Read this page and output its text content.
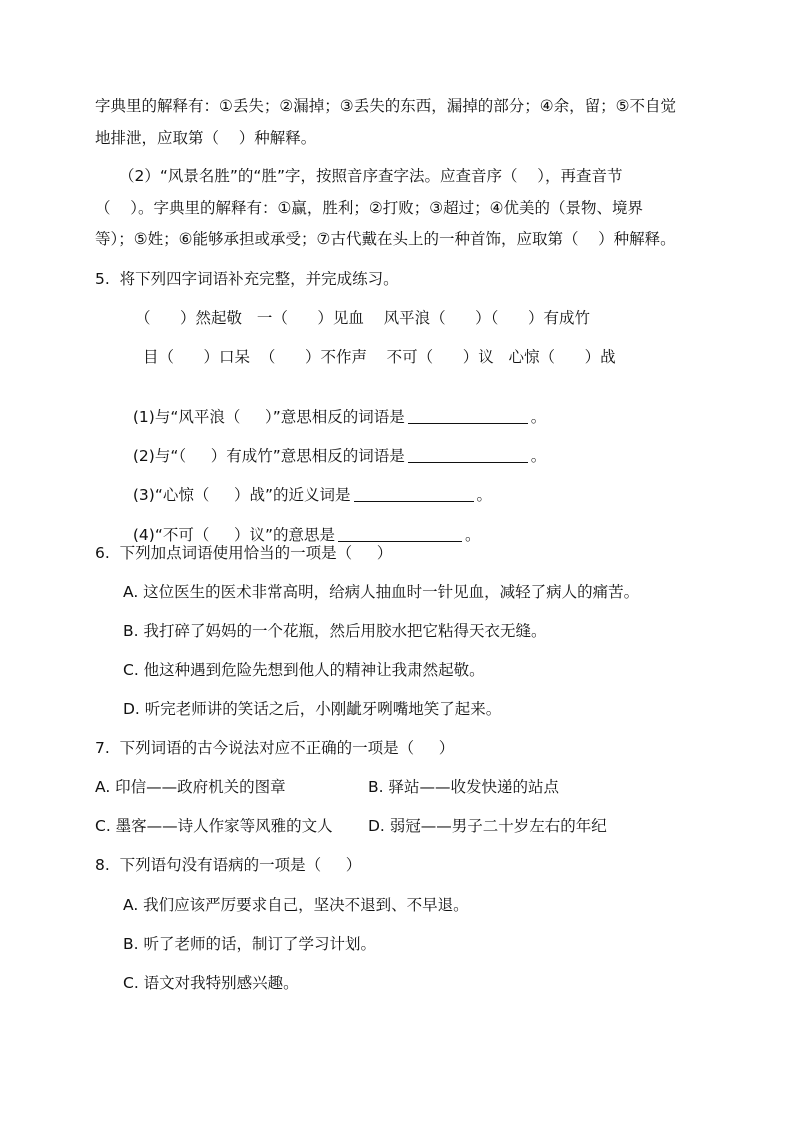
字典里的解释有：①丢失；②漏掉；③丢失的东西，漏掉的部分；④余，留；⑤不自觉
地排泄，应取第（    ）种解释。
（2）“风景名胜”的“胜”字，按照音序查字法。应查音序（    ），再查音节
（    ）。字典里的解释有：①赢，胜利；②打败；③超过；④优美的（景物、境界
等）；⑤姓；⑥能够承担或承受；⑦古代戴在头上的一种首饰，应取第（    ）种解释。
5.  将下列四字词语补充完整，并完成练习。
（      ）然起敬   一（      ）见血    风平浪（      ）（      ）有成竹
目（      ）口呆  （      ）不作声    不可（      ）议   心惊（      ）战

(1)与“风平浪（     ）”意思相反的词语是	。

(2)与“（     ）有成竹”意思相反的词语是	。

(3)“心惊（     ）战”的近义词是	。

(4)“不可（     ）议”的意思是	。

6.  下列加点词语使用恰当的一项是（     ）
A. 这位医生的医术非常高明，给病人抽血时一针见血，减轻了病人的痛苦。
B. 我打碎了妈妈的一个花瓶，然后用胶水把它粘得天衣无缝。
C. 他这种遇到危险先想到他人的精神让我肃然起敬。
D. 听完老师讲的笑话之后，小刚龇牙咧嘴地笑了起来。
7.  下列词语的古今说法对应不正确的一项是（     ）
A. 印信——政府机关的图章	B. 驿站——收发快递的站点
C. 墨客——诗人作家等风雅的文人 D. 弱冠——男子二十岁左右的年纪
8.  下列语句没有语病的一项是（     ）
A. 我们应该严厉要求自己，坚决不退到、不早退。
B. 听了老师的话，制订了学习计划。
C. 语文对我特别感兴趣。
